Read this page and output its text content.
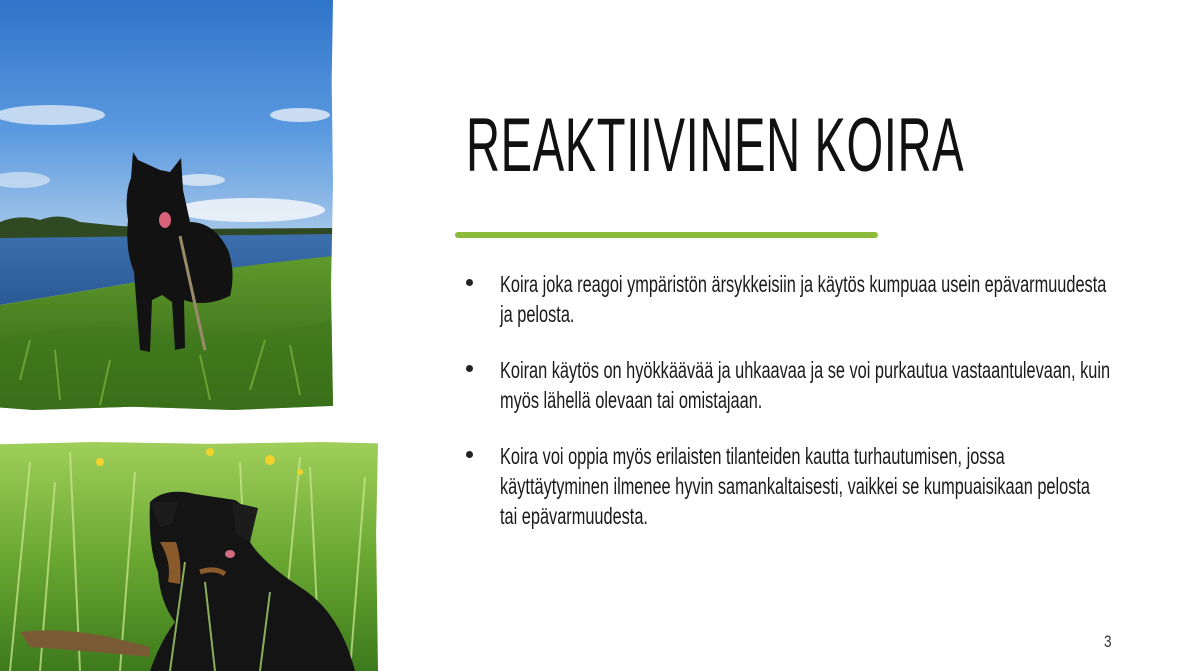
REAKTIIVINEN KOIRA
Koira joka reagoi ympäristön ärsykkeisiin ja käytös kumpuaa usein epävarmuudesta ja pelosta.
Koiran käytös on hyökkäävää ja uhkaavaa ja se voi purkautua vastaantulevaan, kuin myös lähellä olevaan tai omistajaan.
Koira voi oppia myös erilaisten tilanteiden kautta turhautumisen, jossa käyttäytyminen ilmenee hyvin samankaltaisesti, vaikkei se kumpuaisikaan pelosta tai epävarmuudesta.
3
